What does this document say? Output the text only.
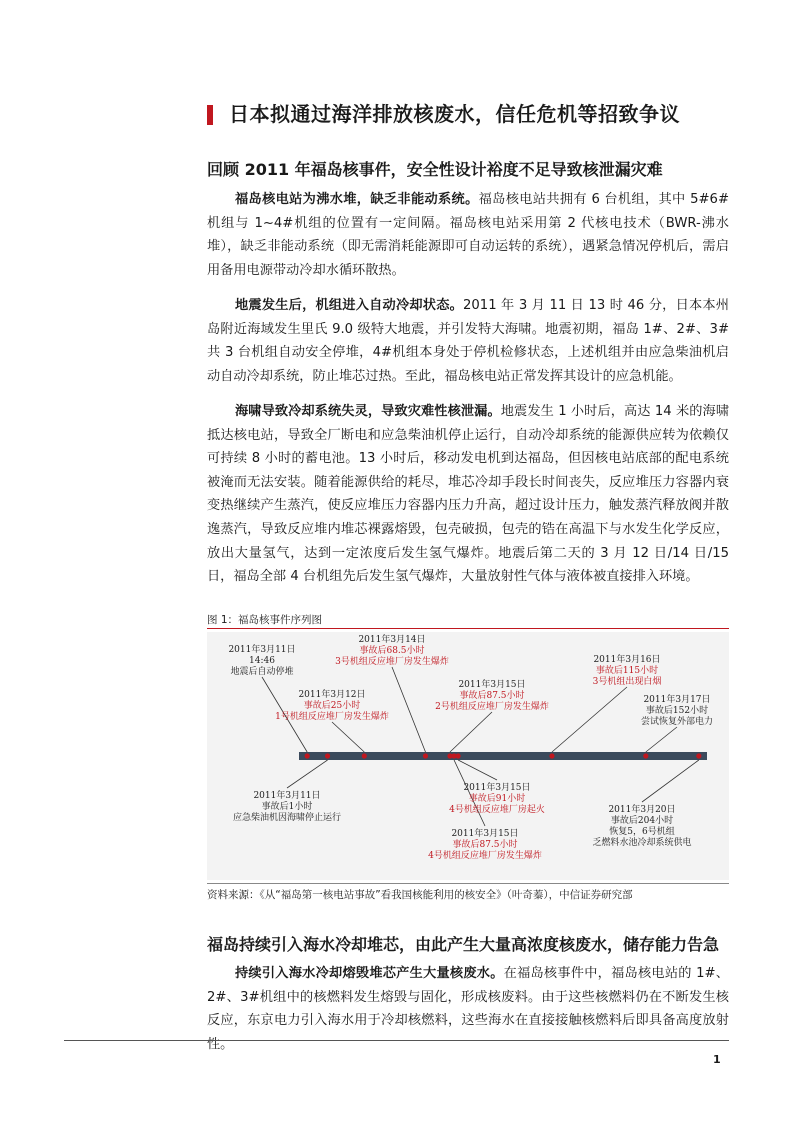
日本拟通过海洋排放核废水，信任危机等招致争议
回顾 2011 年福岛核事件，安全性设计裕度不足导致核泄漏灾难

福岛核电站为沸水堆，缺乏非能动系统。福岛核电站共拥有 6 台机组，其中 5#6#机组与 1~4#机组的位置有一定间隔。福岛核电站采用第 2 代核电技术（BWR-沸水堆），缺乏非能动系统（即无需消耗能源即可自动运转的系统），遇紧急情况停机后，需启用备用电源带动冷却水循环散热。

地震发生后，机组进入自动冷却状态。2011 年 3 月 11 日 13 时 46 分，日本本州岛附近海域发生里氏 9.0 级特大地震，并引发特大海啸。地震初期，福岛 1#、2#、3#共 3 台机组自动安全停堆，4#机组本身处于停机检修状态，上述机组并由应急柴油机启动自动冷却系统，防止堆芯过热。至此，福岛核电站正常发挥其设计的应急机能。

海啸导致冷却系统失灵，导致灾难性核泄漏。地震发生 1 小时后，高达 14 米的海啸抵达核电站，导致全厂断电和应急柴油机停止运行，自动冷却系统的能源供应转为依赖仅可持续 8 小时的蓄电池。13 小时后，移动发电机到达福岛，但因核电站底部的配电系统被淹而无法安装。随着能源供给的耗尽，堆芯冷却手段长时间丧失，反应堆压力容器内衰变热继续产生蒸汽，使反应堆压力容器内压力升高，超过设计压力，触发蒸汽释放阀并散逸蒸汽，导致反应堆内堆芯裸露熔毁，包壳破损，包壳的锆在高温下与水发生化学反应，放出大量氢气，达到一定浓度后发生氢气爆炸。地震后第二天的 3 月 12 日/14 日/15 日，福岛全部 4 台机组先后发生氢气爆炸，大量放射性气体与液体被直接排入环境。

图 1：福岛核事件序列图

2011年3月11日
14:46
地震后自动停堆
2011年3月11日
事故后1小时
应急柴油机因海啸停止运行
2011年3月12日
事故后25小时
1号机组反应堆厂房发生爆炸
2011年3月14日
事故后68.5小时
3号机组反应堆厂房发生爆炸
2011年3月15日
事故后87.5小时
2号机组反应堆厂房发生爆炸
2011年3月15日
事故后87.5小时
4号机组反应堆厂房发生爆炸
2011年3月15日
事故后91小时
4号机组反应堆厂房起火
2011年3月16日
事故后115小时
3号机组出现白烟
2011年3月17日
事故后152小时
尝试恢复外部电力
2011年3月20日
事故后204小时
恢复5，6号机组
乏燃料水池冷却系统供电

资料来源：《从“福岛第一核电站事故”看我国核能利用的核安全》（叶奇蓁），中信证券研究部

福岛持续引入海水冷却堆芯，由此产生大量高浓度核废水，储存能力告急

持续引入海水冷却熔毁堆芯产生大量核废水。在福岛核事件中，福岛核电站的 1#、2#、3#机组中的核燃料发生熔毁与固化，形成核废料。由于这些核燃料仍在不断发生核反应，东京电力引入海水用于冷却核燃料，这些海水在直接接触核燃料后即具备高度放射性。

1
